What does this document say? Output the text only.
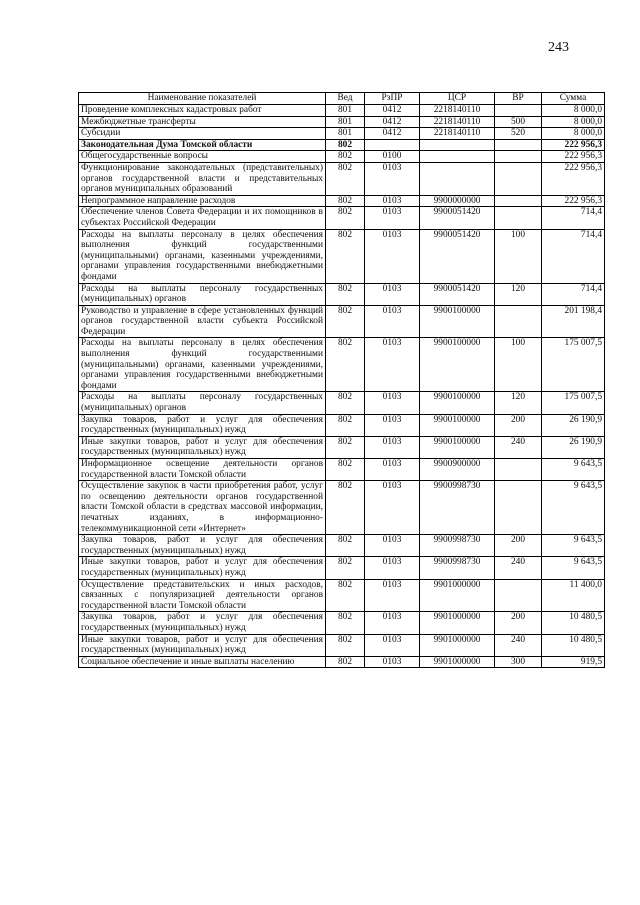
243
Наименование показателей	Вед	РзПР	ЦСР	ВР	Сумма
Проведение комплексных кадастровых работ	801	0412	2218140110		8 000,0
Межбюджетные трансферты	801	0412	2218140110	500	8 000,0
Субсидии	801	0412	2218140110	520	8 000,0
Законодательная Дума Томской области	802				222 956,3
Общегосударственные вопросы	802	0100			222 956,3
Функционирование законодательных (представительных) органов государственной власти и представительных органов муниципальных образований	802	0103			222 956,3
Непрограммное направление расходов	802	0103	9900000000		222 956,3
Обеспечение членов Совета Федерации и их помощников в субъектах Российской Федерации	802	0103	9900051420		714,4
Расходы на выплаты персоналу в целях обеспечения выполнения функций государственными (муниципальными) органами, казенными учреждениями, органами управления государственными внебюджетными фондами	802	0103	9900051420	100	714,4
Расходы на выплаты персоналу государственных (муниципальных) органов	802	0103	9900051420	120	714,4
Руководство и управление в сфере установленных функций органов государственной власти субъекта Российской Федерации	802	0103	9900100000		201 198,4
Расходы на выплаты персоналу в целях обеспечения выполнения функций государственными (муниципальными) органами, казенными учреждениями, органами управления государственными внебюджетными фондами	802	0103	9900100000	100	175 007,5
Расходы на выплаты персоналу государственных (муниципальных) органов	802	0103	9900100000	120	175 007,5
Закупка товаров, работ и услуг для обеспечения государственных (муниципальных) нужд	802	0103	9900100000	200	26 190,9
Иные закупки товаров, работ и услуг для обеспечения государственных (муниципальных) нужд	802	0103	9900100000	240	26 190,9
Информационное освещение деятельности органов государственной власти Томской области	802	0103	9900900000		9 643,5
Осуществление закупок в части приобретения работ, услуг по освещению деятельности органов государственной власти Томской области в средствах массовой информации, печатных изданиях, в информационно-телекоммуникационной сети «Интернет»	802	0103	9900998730		9 643,5
Закупка товаров, работ и услуг для обеспечения государственных (муниципальных) нужд	802	0103	9900998730	200	9 643,5
Иные закупки товаров, работ и услуг для обеспечения государственных (муниципальных) нужд	802	0103	9900998730	240	9 643,5
Осуществление представительских и иных расходов, связанных с популяризацией деятельности органов государственной власти Томской области	802	0103	9901000000		11 400,0
Закупка товаров, работ и услуг для обеспечения государственных (муниципальных) нужд	802	0103	9901000000	200	10 480,5
Иные закупки товаров, работ и услуг для обеспечения государственных (муниципальных) нужд	802	0103	9901000000	240	10 480,5
Социальное обеспечение и иные выплаты населению	802	0103	9901000000	300	919,5
